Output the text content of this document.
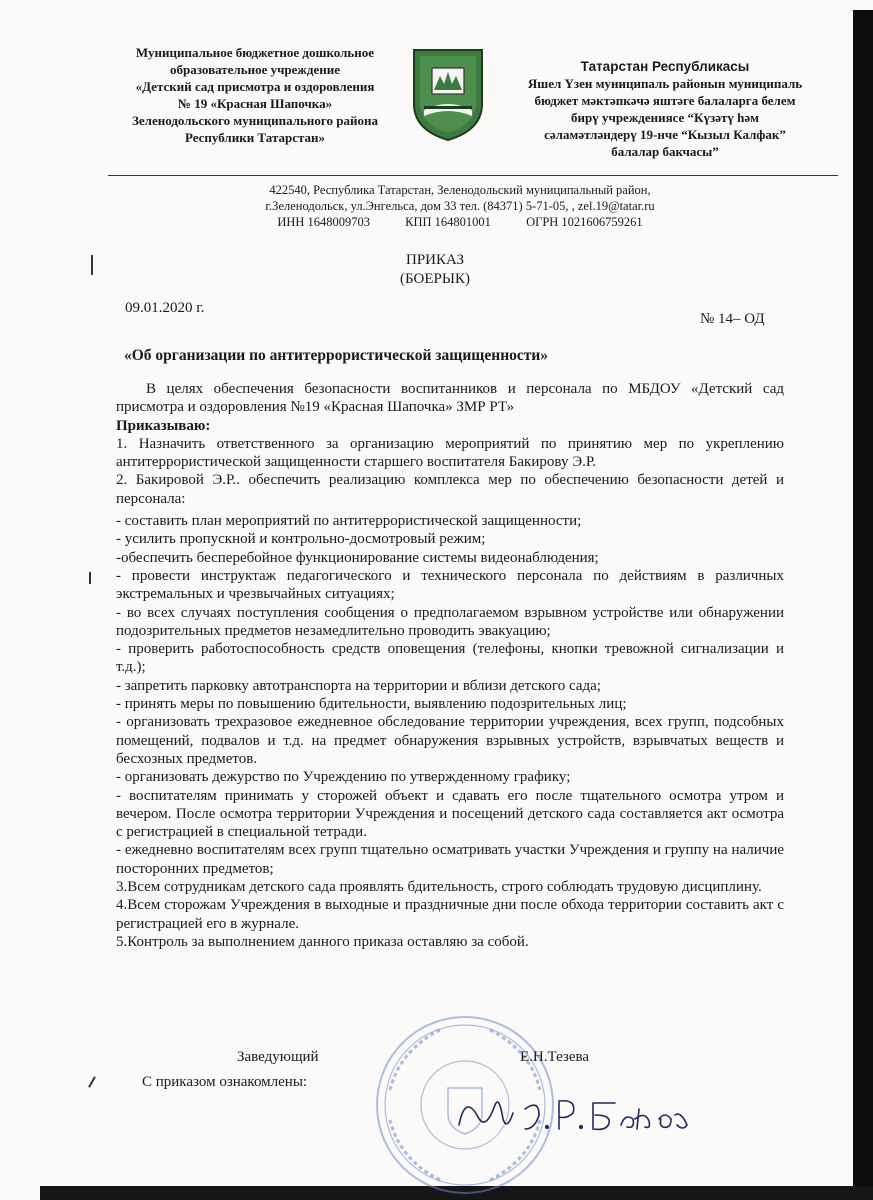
Муниципальное бюджетное дошкольное
образовательное учреждение
«Детский сад присмотра и оздоровления
№ 19 «Красная Шапочка»
Зеленодольского муниципального района
Республики Татарстан»
Татарстан Республикасы
Яшел Үзен муниципаль районын муниципаль
бюджет мәктәпкәчә яштәге балаларга белем
бирү учреждениясе “Күзәтү һәм
сәламәтләндерү 19-нче “Кызыл Калфак”
балалар бакчасы”
422540, Республика Татарстан, Зеленодольский муниципальный район,
г.Зеленодольск, ул.Энгельса, дом 33 тел. (84371) 5-71-05, , zel.19@tatar.ru
ИНН 1648009703	КПП 164801001	ОГРН 1021606759261
ПРИКАЗ
(БОЕРЫК)
09.01.2020 г.
№ 14– ОД
«Об организации по антитеррористической защищенности»

В целях обеспечения безопасности воспитанников и персонала по МБДОУ «Детский сад присмотра и оздоровления №19 «Красная Шапочка» ЗМР РТ»

Приказываю:

1. Назначить ответственного за организацию мероприятий по принятию мер по укреплению антитеррористической защищенности старшего воспитателя Бакирову Э.Р.

2. Бакировой Э.Р.. обеспечить реализацию комплекса мер по обеспечению безопасности детей и персонала:

- составить план мероприятий по антитеррористической защищенности;

- усилить пропускной и контрольно-досмотровый режим;

-обеспечить бесперебойное функционирование системы видеонаблюдения;

- провести инструктаж педагогического и технического персонала по действиям в различных экстремальных и чрезвычайных ситуациях;

- во всех случаях поступления сообщения о предполагаемом взрывном устройстве или обнаружении подозрительных предметов незамедлительно проводить эвакуацию;

- проверить работоспособность средств оповещения (телефоны, кнопки тревожной сигнализации и т.д.);

- запретить парковку автотранспорта на территории и вблизи детского сада;

- принять меры по повышению бдительности, выявлению подозрительных лиц;

- организовать трехразовое ежедневное обследование территории учреждения, всех групп, подсобных помещений, подвалов и т.д. на предмет обнаружения взрывных устройств, взрывчатых веществ и бесхозных предметов.

- организовать дежурство по Учреждению по утвержденному графику;

- воспитателям принимать у сторожей объект и сдавать его после тщательного осмотра утром и вечером. После осмотра территории Учреждения и посещений детского сада составляется акт осмотра с регистрацией в специальной тетради.

- ежедневно воспитателям всех групп тщательно осматривать участки Учреждения и группу на наличие посторонних предметов;

3.Всем сотрудникам детского сада проявлять бдительность, строго соблюдать трудовую дисциплину.

4.Всем сторожам Учреждения в выходные и праздничные дни после обхода территории составить акт с регистрацией его в журнале.

5.Контроль за выполнением данного приказа оставляю за собой.

Заведующий	Е.Н.Тезева
С приказом ознакомлены:
